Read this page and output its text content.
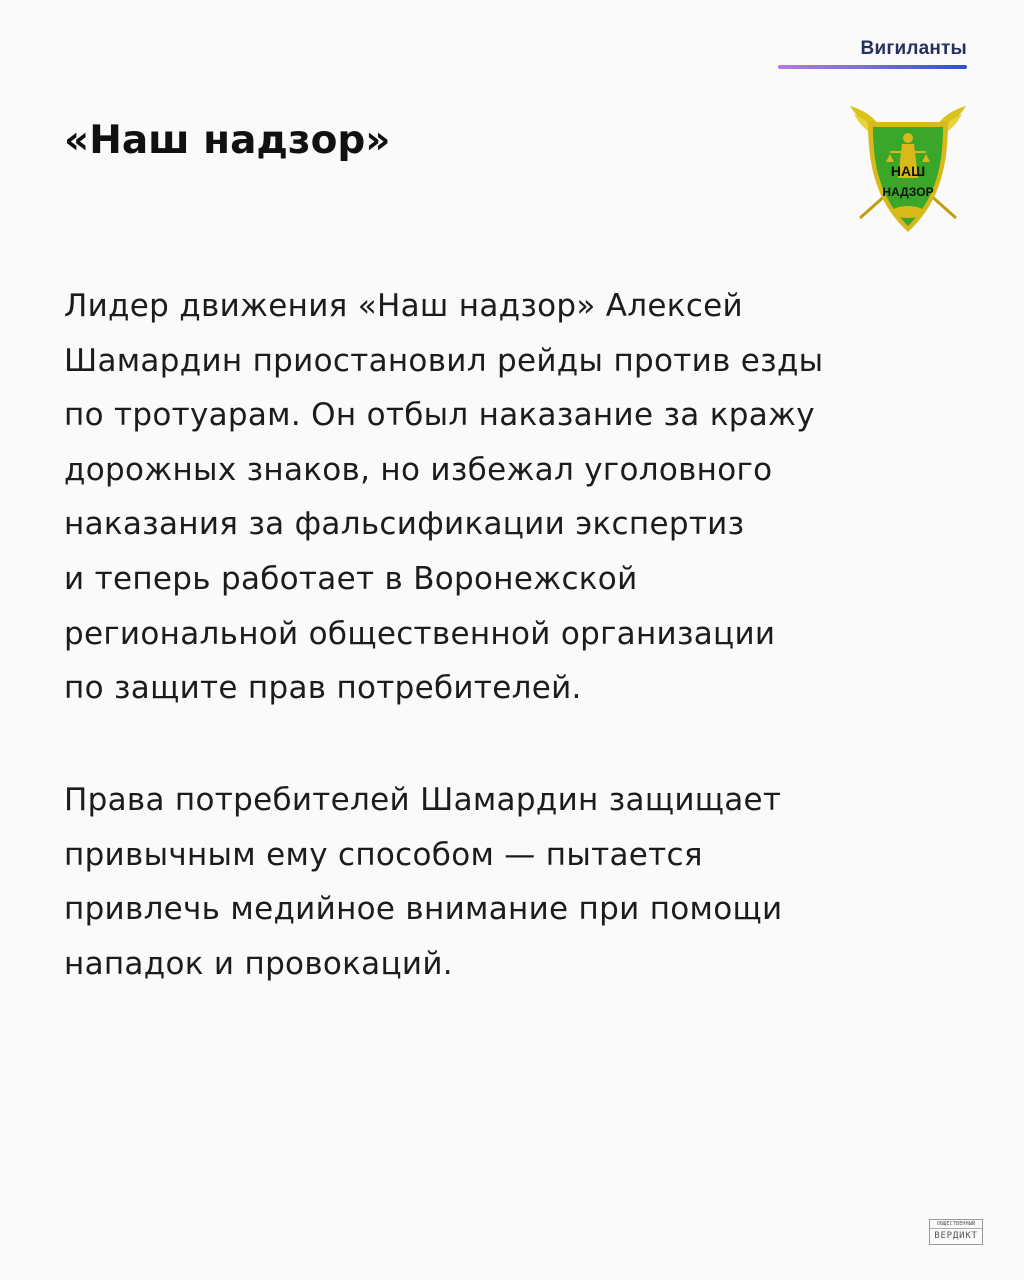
Вигиланты
«Наш надзор»
НАШ
НАДЗОР

Лидер движения «Наш надзор» Алексей
Шамардин приостановил рейды против езды
по тротуарам. Он отбыл наказание за кражу
дорожных знаков, но избежал уголовного
наказания за фальсификации экспертиз
и теперь работает в Воронежской
региональной общественной организации
по защите прав потребителей.

Права потребителей Шамардин защищает
привычным ему способом — пытается
привлечь медийное внимание при помощи
нападок и провокаций.

ОБЩЕСТВЕННЫЙ
ВЕРДИКТ
